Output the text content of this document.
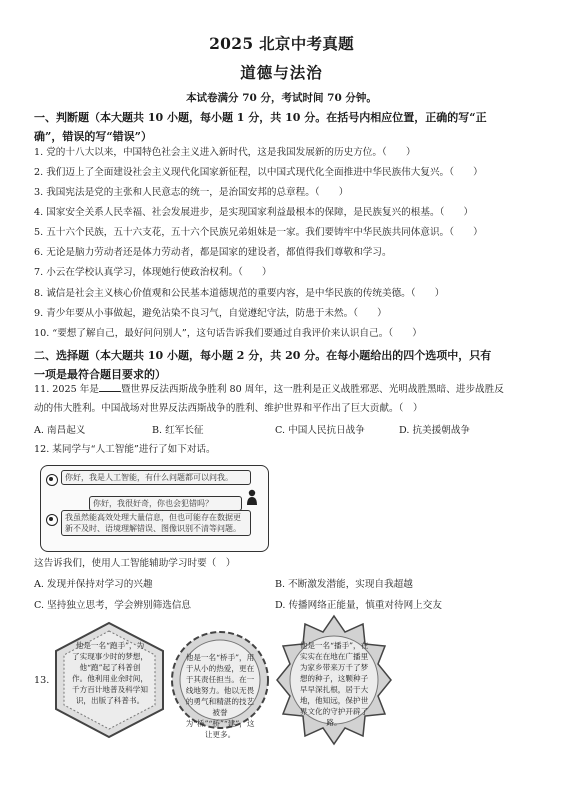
2025 北京中考真题
道德与法治
本试卷满分 70 分，考试时间 70 分钟。
一、判断题（本大题共 10 小题，每小题 1 分，共 10 分。在括号内相应位置，正确的写“正
确”，错误的写“错误”）
1. 党的十八大以来，中国特色社会主义进入新时代，这是我国发展新的历史方位。（　　）
2. 我们迈上了全面建设社会主义现代化国家新征程，以中国式现代化全面推进中华民族伟大复兴。（　　）
3. 我国宪法是党的主张和人民意志的统一，是治国安邦的总章程。（　　）
4. 国家安全关系人民幸福、社会发展进步，是实现国家利益最根本的保障，是民族复兴的根基。（　　）
5. 五十六个民族，五十六支花，五十六个民族兄弟姐妹是一家。我们要铸牢中华民族共同体意识。（　　）
6. 无论是脑力劳动者还是体力劳动者，都是国家的建设者，都值得我们尊敬和学习。
7. 小云在学校认真学习，体现她行使政治权利。（　　）
8. 诚信是社会主义核心价值观和公民基本道德规范的重要内容，是中华民族的传统美德。（　　）
9. 青少年要从小事做起，避免沾染不良习气，自觉遵纪守法，防患于未然。（　　）
10. “要想了解自己，最好问问别人”，这句话告诉我们要通过自我评价来认识自己。（　　）
二、选择题（本大题共 10 小题，每小题 2 分，共 20 分。在每小题给出的四个选项中，只有
一项是最符合题目要求的）
11. 2025 年是 暨世界反法西斯战争胜利 80 周年，这一胜利是正义战胜邪恶、光明战胜黑暗、进步战胜反
动的伟大胜利。中国战场对世界反法西斯战争的胜利、维护世界和平作出了巨大贡献。（　）
A. 南昌起义	B. 红军长征	C. 中国人民抗日战争	D. 抗美援朝战争
12. 某同学与“人工智能”进行了如下对话。
你好，我是人工智能，有什么问题都可以问我。
你好，我很好奇，你也会犯错吗？
我虽然能高效处理大量信息，但也可能存在数据更新不及时、语境理解错误、图像识别不清等问题。
这告诉我们，使用人工智能辅助学习时要（　）
A. 发现并保持对学习的兴趣	B. 不断激发潜能，实现自我超越
C. 坚持独立思考，学会辨别筛选信息	D. 传播网络正能量，慎重对待网上交友
13.
他是一名“跑手”，为了实现事少时的梦想，他“跑”起了科普创作。他利用业余时间，千方百计地普及科学知识，出版了科普书。
他是一名“桥手”，用于从小的热爱，更在于其责任担当。在一线地努力。他以无畏的勇气和精湛的技艺被誉为“桥”“桥”“建”，这让更多。
他是一名“播手”，在实实在在地在广播里为家乡带来万千了梦想的种子，这颗种子早早深扎根，居于大地，他知远，保护世界文化的守护开辟了路。
